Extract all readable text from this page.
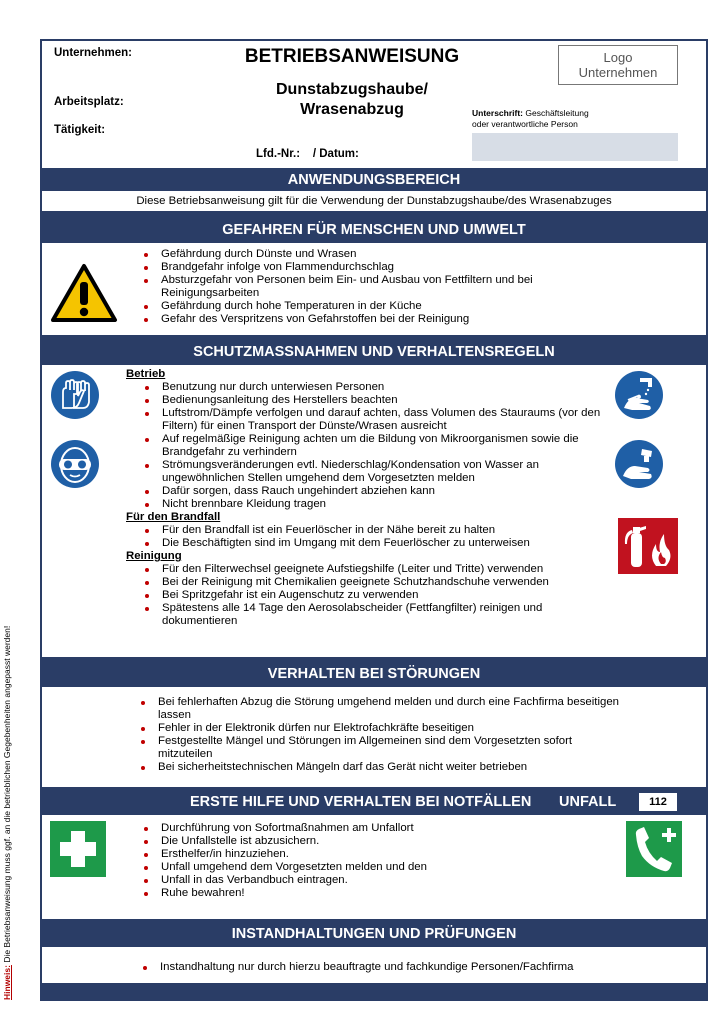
Hinweis: Die Betriebsanweisung muss ggf. an die betrieblichen Gegebenheiten angepasst werden!
Unternehmen:
Arbeitsplatz:
Tätigkeit:
BETRIEBSANWEISUNG
Dunstabzugshaube/
Wrasenabzug
Lfd.-Nr.:    / Datum:
Logo
Unternehmen
Unterschrift: Geschäftsleitung
oder verantwortliche Person
ANWENDUNGSBEREICH
Diese Betriebsanweisung gilt für die Verwendung der Dunstabzugshaube/des Wrasenabzuges
GEFAHREN FÜR MENSCHEN UND UMWELT
Gefährdung durch Dünste und Wrasen
Brandgefahr infolge von Flammendurchschlag
Absturzgefahr von Personen beim Ein- und Ausbau von Fettfiltern und bei Reinigungsarbeiten
Gefährdung durch hohe Temperaturen in der Küche
Gefahr des Verspritzens von Gefahrstoffen bei der Reinigung
SCHUTZMASSNAHMEN UND VERHALTENSREGELN
Betrieb
Benutzung nur durch unterwiesen Personen
Bedienungsanleitung des Herstellers beachten
Luftstrom/Dämpfe verfolgen und darauf achten, dass Volumen des Stauraums (vor den Filtern) für einen Transport der Dünste/Wrasen ausreicht
Auf regelmäßige Reinigung achten um die Bildung von Mikroorganismen sowie die Brandgefahr zu verhindern
Strömungsveränderungen evtl. Niederschlag/Kondensation von Wasser an ungewöhnlichen Stellen umgehend dem Vorgesetzten melden
Dafür sorgen, dass Rauch ungehindert abziehen kann
Nicht brennbare Kleidung tragen
Für den Brandfall
Für den Brandfall ist ein Feuerlöscher in der Nähe bereit zu halten
Die Beschäftigten sind im Umgang mit dem Feuerlöscher zu unterweisen
Reinigung
Für den Filterwechsel geeignete Aufstiegshilfe (Leiter und Tritte) verwenden
Bei der Reinigung mit Chemikalien geeignete Schutzhandschuhe verwenden
Bei Spritzgefahr ist ein Augenschutz zu verwenden
Spätestens alle 14 Tage den Aerosolabscheider (Fettfangfilter) reinigen und dokumentieren
VERHALTEN BEI STÖRUNGEN
Bei fehlerhaften Abzug die Störung umgehend melden und durch eine Fachfirma beseitigen lassen
Fehler in der Elektronik dürfen nur Elektrofachkräfte beseitigen
Festgestellte Mängel und Störungen im Allgemeinen sind dem Vorgesetzten sofort mitzuteilen
Bei sicherheitstechnischen Mängeln darf das Gerät nicht weiter betrieben
ERSTE HILFE UND VERHALTEN BEI NOTFÄLLEN UNFALL	112
Durchführung von Sofortmaßnahmen am Unfallort
Die Unfallstelle ist abzusichern.
Ersthelfer/in hinzuziehen.
Unfall umgehend dem Vorgesetzten melden und den
Unfall in das Verbandbuch eintragen.
Ruhe bewahren!
INSTANDHALTUNGEN UND PRÜFUNGEN
Instandhaltung nur durch hierzu beauftragte und fachkundige Personen/Fachfirma
